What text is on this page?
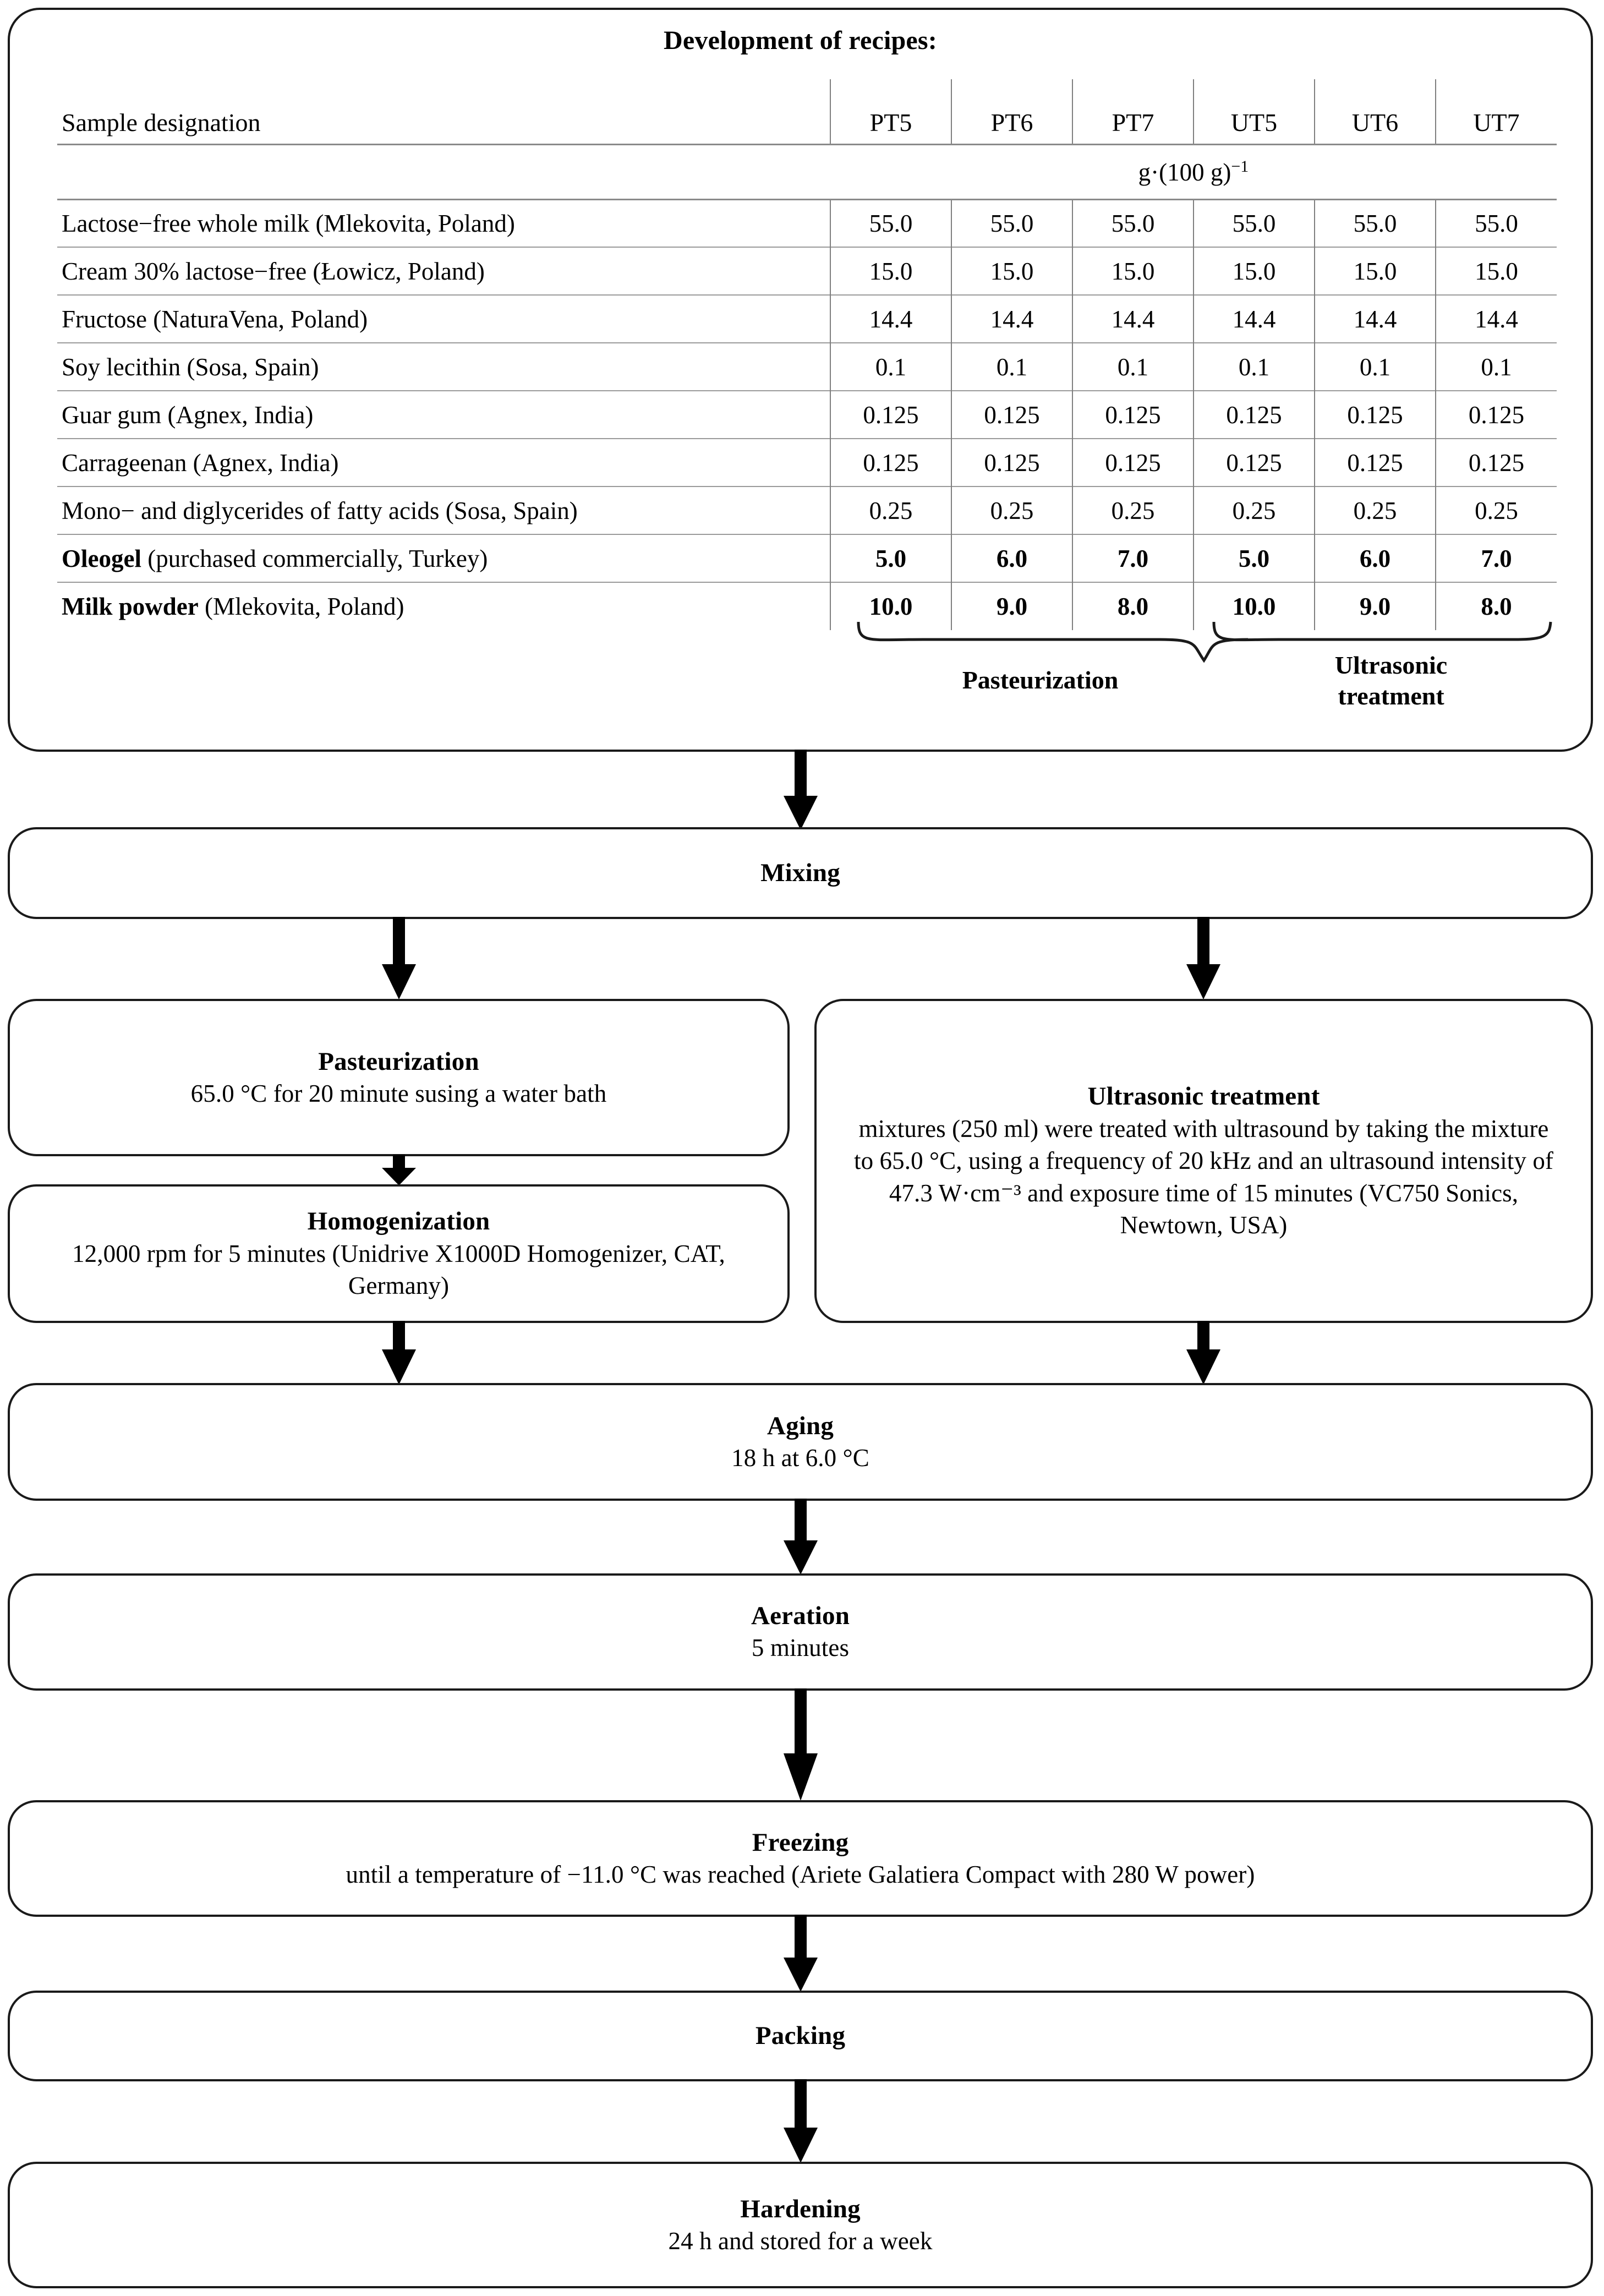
Development of recipes:
Sample designation	PT5	PT6	PT7	UT5	UT6	UT7
	g·(100 g)$^{-1}$
Lactose−free whole milk (Mlekovita, Poland)	55.0	55.0	55.0	55.0	55.0	55.0
Cream 30% lactose−free (Łowicz, Poland)	15.0	15.0	15.0	15.0	15.0	15.0
Fructose (NaturaVena, Poland)	14.4	14.4	14.4	14.4	14.4	14.4
Soy lecithin (Sosa, Spain)	0.1	0.1	0.1	0.1	0.1	0.1
Guar gum (Agnex, India)	0.125	0.125	0.125	0.125	0.125	0.125
Carrageenan (Agnex, India)	0.125	0.125	0.125	0.125	0.125	0.125
Mono− and diglycerides of fatty acids (Sosa, Spain)	0.25	0.25	0.25	0.25	0.25	0.25
Oleogel (purchased commercially, Turkey)	5.0	6.0	7.0	5.0	6.0	7.0
Milk powder (Mlekovita, Poland)	10.0	9.0	8.0	10.0	9.0	8.0
Pasteurization
Ultrasonic
treatment
Mixing
Pasteurization
65.0 °C for 20 minute susing a water bath
Homogenization
12,000 rpm for 5 minutes (Unidrive X1000D Homogenizer, CAT, Germany)
Ultrasonic treatment
mixtures (250 ml) were treated with ultrasound by taking the mixture to 65.0 °C, using a frequency of 20 kHz and an ultrasound intensity of 47.3 W·cm⁻³ and exposure time of 15 minutes (VC750 Sonics, Newtown, USA)
Aging
18 h at 6.0 °C
Aeration
5 minutes
Freezing
until a temperature of −11.0 °C was reached (Ariete Galatiera Compact with 280 W power)
Packing
Hardening
24 h and stored for a week
